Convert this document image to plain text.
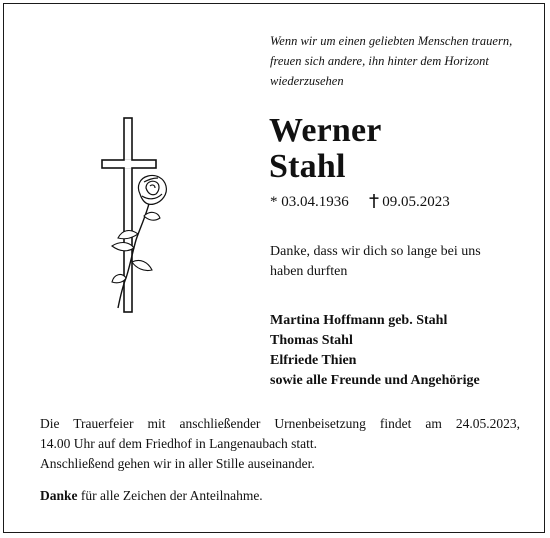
Wenn wir um einen geliebten Menschen trauern,
freuen sich andere, ihn hinter dem Horizont
wiederzusehen
Werner
Stahl
* 03.04.1936 09.05.2023
Danke, dass wir dich so lange bei uns
haben durften
Martina Hoffmann geb. Stahl
Thomas Stahl
Elfriede Thien
sowie alle Freunde und Angehörige
Die Trauerfeier mit anschließender Urnenbeisetzung findet am 24.05.2023,
14.00 Uhr auf dem Friedhof in Langenaubach statt.
Anschließend gehen wir in aller Stille auseinander.
Danke für alle Zeichen der Anteilnahme.
